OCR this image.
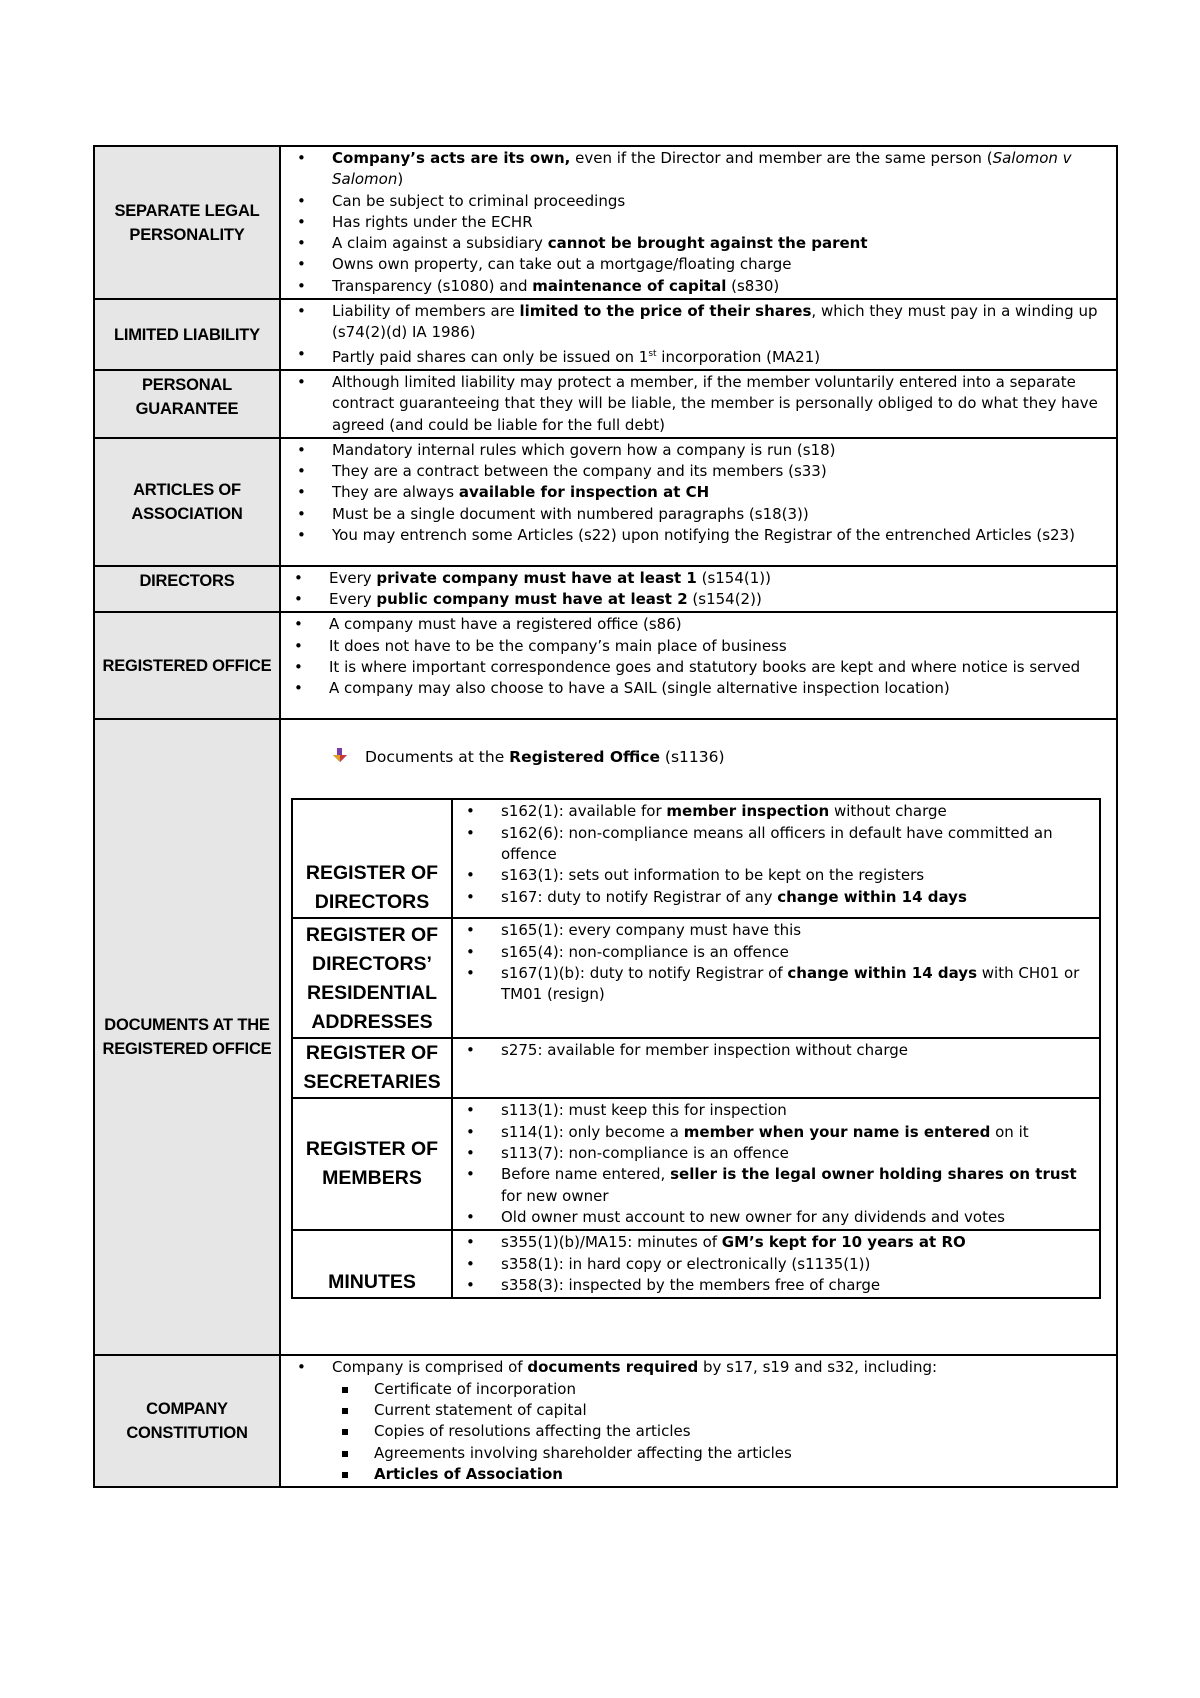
SEPARATE LEGAL PERSONALITY	
• Company’s acts are its own, even if the Director and member are the same person (Salomon v Salomon)
• Can be subject to criminal proceedings
• Has rights under the ECHR
• A claim against a subsidiary cannot be brought against the parent
• Owns own property, can take out a mortgage/floating charge
• Transparency (s1080) and maintenance of capital (s830)

LIMITED LIABILITY	
• Liability of members are limited to the price of their shares, which they must pay in a winding up (s74(2)(d) IA 1986)
• Partly paid shares can only be issued on 1st incorporation (MA21)

PERSONAL GUARANTEE	
• Although limited liability may protect a member, if the member voluntarily entered into a separate contract guaranteeing that they will be liable, the member is personally obliged to do what they have agreed (and could be liable for the full debt)

ARTICLES OF ASSOCIATION	
• Mandatory internal rules which govern how a company is run (s18)
• They are a contract between the company and its members (s33)
• They are always available for inspection at CH
• Must be a single document with numbered paragraphs (s18(3))
• You may entrench some Articles (s22) upon notifying the Registrar of the entrenched Articles (s23)

DIRECTORS	
•Every private company must have at least 1 (s154(1))
• Every public company must have at least 2 (s154(2))

REGISTERED OFFICE	
• A company must have a registered office (s86)
• It does not have to be the company’s main place of business
• It is where important correspondence goes and statutory books are kept and where notice is served
• A company may also choose to have a SAIL (single alternative inspection location)

DOCUMENTS AT THE REGISTERED OFFICE	
Documents at the Registered Office (s1136)
REGISTER OF DIRECTORS	
• s162(1): available for member inspection without charge
• s162(6): non-compliance means all officers in default have committed an offence
• s163(1): sets out information to be kept on the registers
• s167: duty to notify Registrar of any change within 14 days

REGISTER OF DIRECTORS’ RESIDENTIAL ADDRESSES	
• s165(1): every company must have this
• s165(4): non-compliance is an offence
• s167(1)(b): duty to notify Registrar of change within 14 days with CH01 or TM01 (resign)

REGISTER OF SECRETARIES	
• s275: available for member inspection without charge

REGISTER OF MEMBERS	
• s113(1): must keep this for inspection
• s114(1): only become a member when your name is entered on it
• s113(7): non-compliance is an offence
• Before name entered, seller is the legal owner holding shares on trust for new owner
• Old owner must account to new owner for any dividends and votes

MINUTES	
• s355(1)(b)/MA15: minutes of GM’s kept for 10 years at RO
• s358(1): in hard copy or electronically (s1135(1))
• s358(3): inspected by the members free of charge

COMPANY CONSTITUTION	
• Company is comprised of documents required by s17, s19 and s32, including:
Certificate of incorporation
Current statement of capital
Copies of resolutions affecting the articles
Agreements involving shareholder affecting the articles
Articles of Association
